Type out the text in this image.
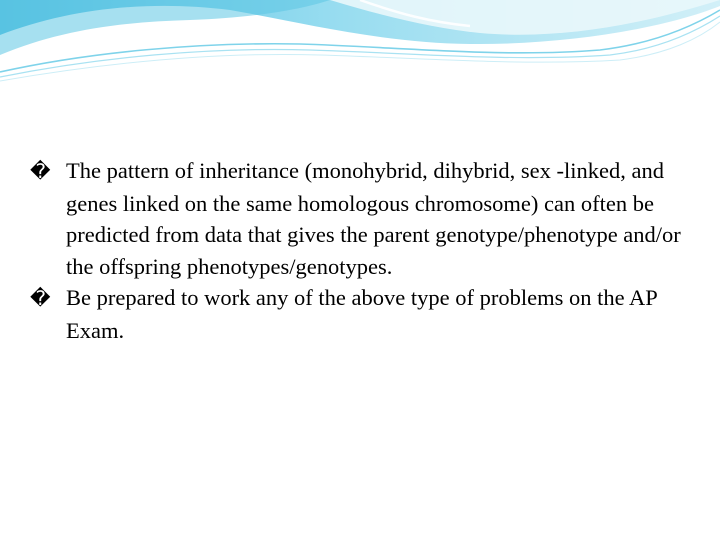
� The pattern of inheritance (monohybrid, dihybrid, sex -linked, and genes linked on the same homologous chromosome) can often be predicted from data that gives the parent genotype/phenotype and/or the offspring phenotypes/genotypes.

� Be prepared to work any of the above type of problems on the AP Exam.
